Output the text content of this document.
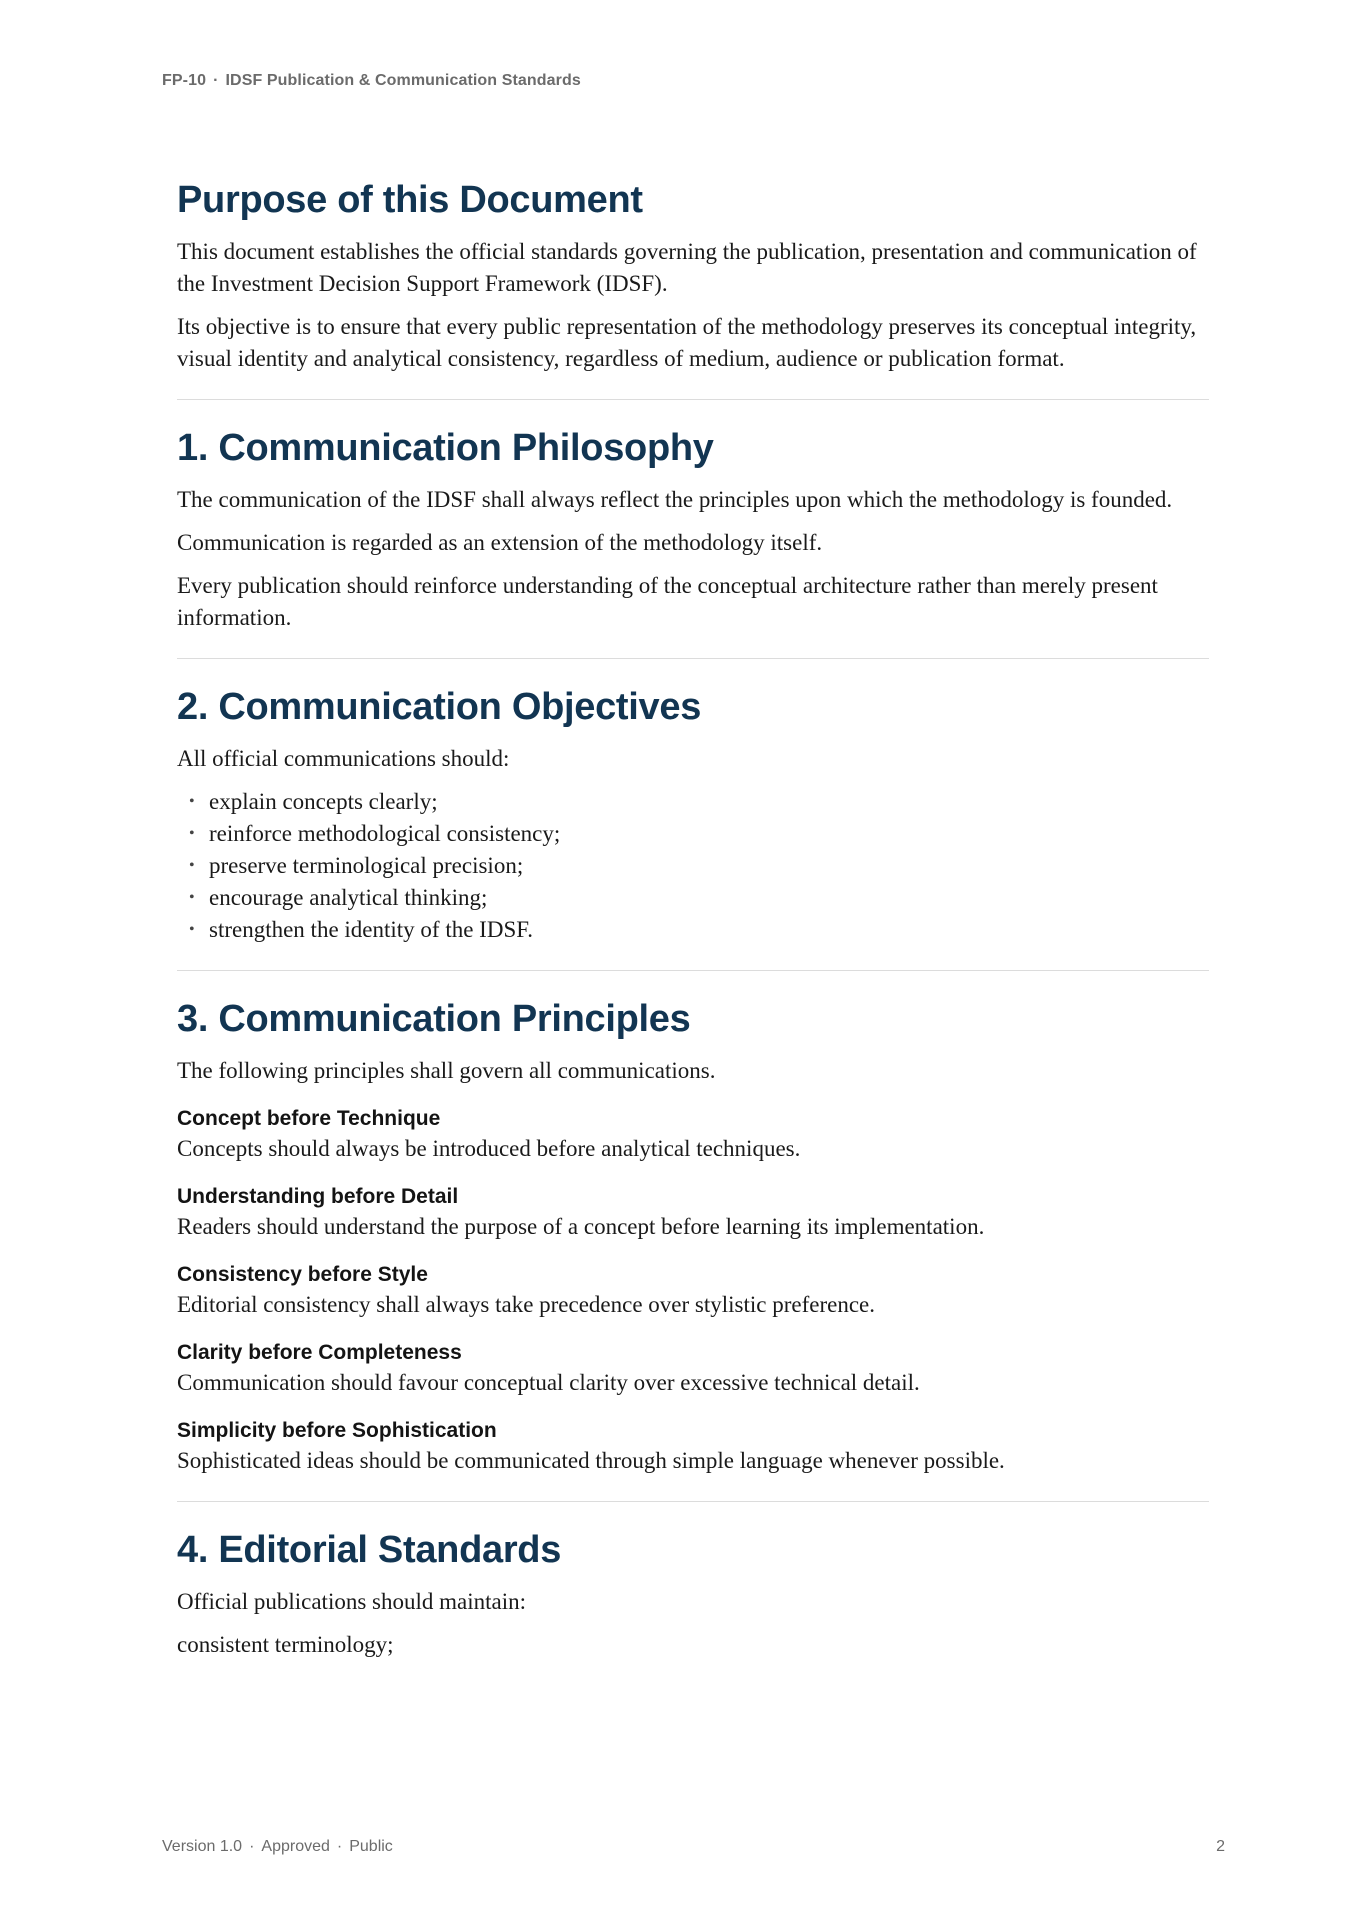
FP-10 · IDSF Publication & Communication Standards
Purpose of this Document

This document establishes the official standards governing the publication, presentation and communication of the Investment Decision Support Framework (IDSF).

Its objective is to ensure that every public representation of the methodology preserves its conceptual integrity, visual identity and analytical consistency, regardless of medium, audience or publication format.

1. Communication Philosophy

The communication of the IDSF shall always reflect the principles upon which the methodology is founded.

Communication is regarded as an extension of the methodology itself.

Every publication should reinforce understanding of the conceptual architecture rather than merely present information.

2. Communication Objectives

All official communications should:

• explain concepts clearly;
• reinforce methodological consistency;
• preserve terminological precision;
• encourage analytical thinking;
• strengthen the identity of the IDSF.
3. Communication Principles

The following principles shall govern all communications.

Concept before Technique
Concepts should always be introduced before analytical techniques.
Understanding before Detail
Readers should understand the purpose of a concept before learning its implementation.
Consistency before Style
Editorial consistency shall always take precedence over stylistic preference.
Clarity before Completeness
Communication should favour conceptual clarity over excessive technical detail.
Simplicity before Sophistication
Sophisticated ideas should be communicated through simple language whenever possible.
4. Editorial Standards

Official publications should maintain:

consistent terminology;

Version 1.0 · Approved · Public	2
